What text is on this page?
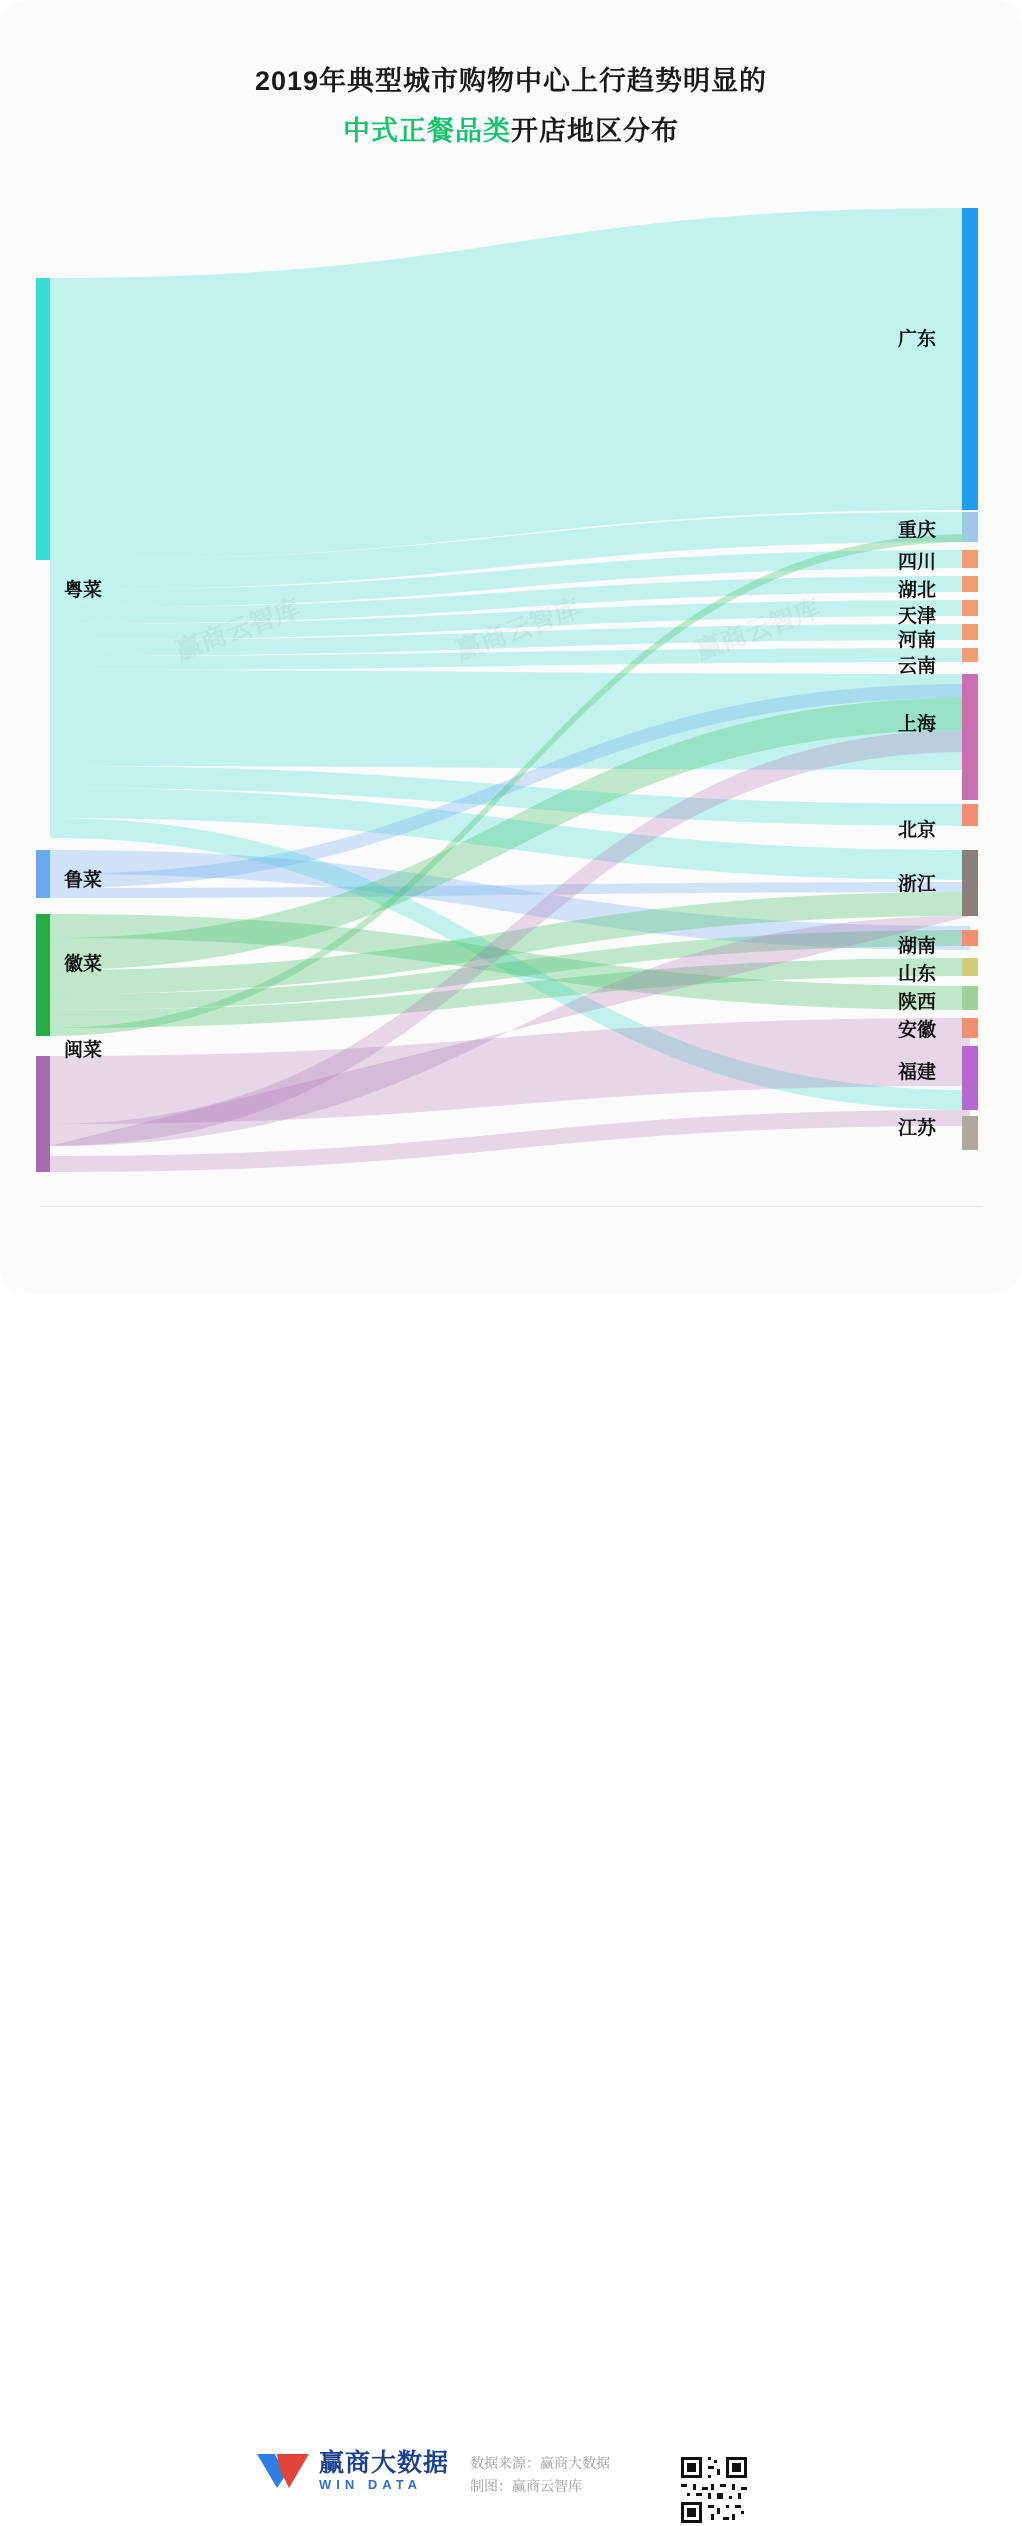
2019年典型城市购物中心上行趋势明显的
中式正餐品类开店地区分布
粤菜
鲁菜
徽菜
闽菜
广东
重庆
四川
湖北
天津
河南
云南
上海
北京
浙江
湖南
山东
陕西
安徽
福建
江苏
赢商大数据
WIN DATA
数据来源：赢商大数据
制图：赢商云智库
